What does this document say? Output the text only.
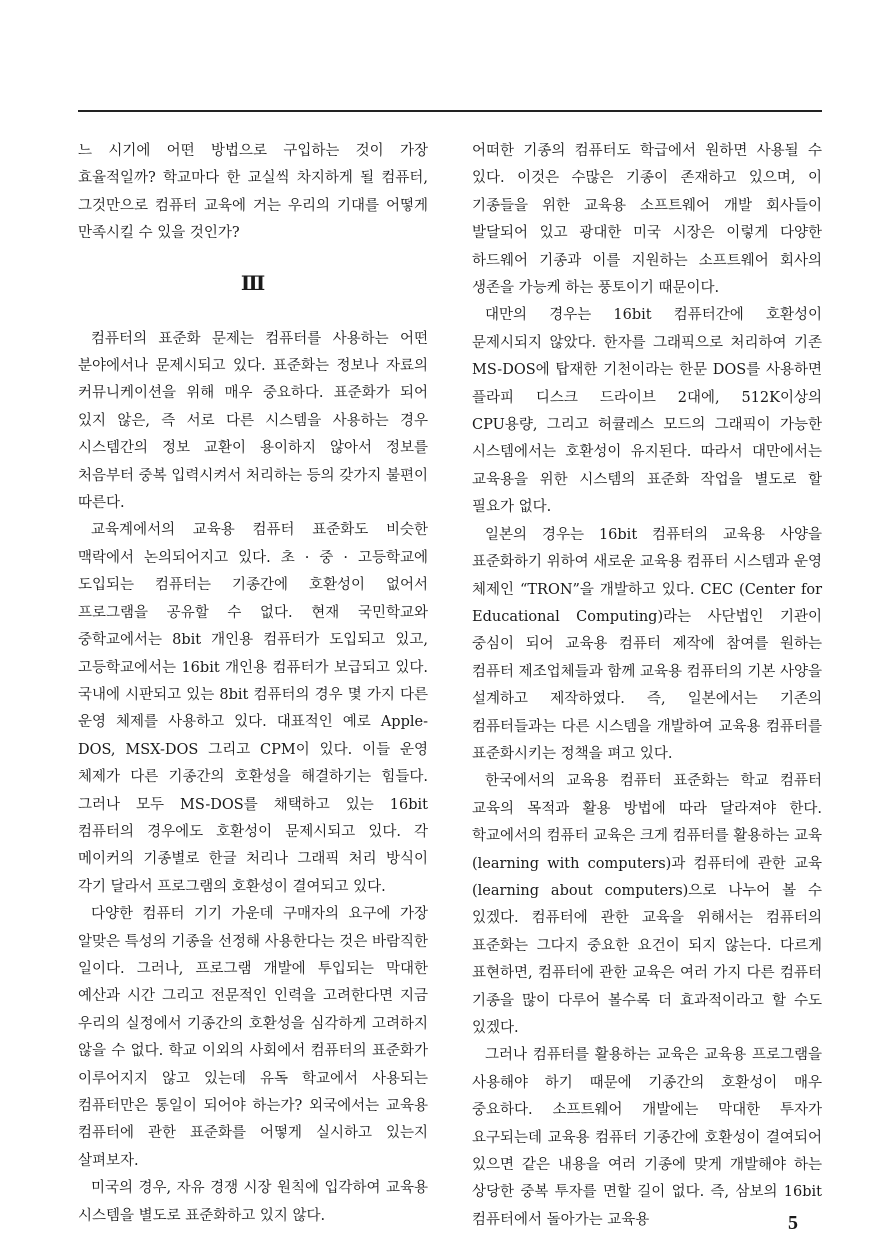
느 시기에 어떤 방법으로 구입하는 것이 가장 효율적일까? 학교마다 한 교실씩 차지하게 될 컴퓨터, 그것만으로 컴퓨터 교육에 거는 우리의 기대를 어떻게 만족시킬 수 있을 것인가?

Ⅲ

컴퓨터의 표준화 문제는 컴퓨터를 사용하는 어떤 분야에서나 문제시되고 있다. 표준화는 정보나 자료의 커뮤니케이션을 위해 매우 중요하다. 표준화가 되어 있지 않은, 즉 서로 다른 시스템을 사용하는 경우 시스템간의 정보 교환이 용이하지 않아서 정보를 처음부터 중복 입력시켜서 처리하는 등의 갖가지 불편이 따른다.

교육계에서의 교육용 컴퓨터 표준화도 비슷한 맥락에서 논의되어지고 있다. 초 · 중 · 고등학교에 도입되는 컴퓨터는 기종간에 호환성이 없어서 프로그램을 공유할 수 없다. 현재 국민학교와 중학교에서는 8bit 개인용 컴퓨터가 도입되고 있고, 고등학교에서는 16bit 개인용 컴퓨터가 보급되고 있다. 국내에 시판되고 있는 8bit 컴퓨터의 경우 몇 가지 다른 운영 체제를 사용하고 있다. 대표적인 예로 Apple-DOS, MSX-DOS 그리고 CPM이 있다. 이들 운영 체제가 다른 기종간의 호환성을 해결하기는 힘들다. 그러나 모두 MS-DOS를 채택하고 있는 16bit 컴퓨터의 경우에도 호환성이 문제시되고 있다. 각 메이커의 기종별로 한글 처리나 그래픽 처리 방식이 각기 달라서 프로그램의 호환성이 결여되고 있다.

다양한 컴퓨터 기기 가운데 구매자의 요구에 가장 알맞은 특성의 기종을 선정해 사용한다는 것은 바람직한 일이다. 그러나, 프로그램 개발에 투입되는 막대한 예산과 시간 그리고 전문적인 인력을 고려한다면 지금 우리의 실정에서 기종간의 호환성을 심각하게 고려하지 않을 수 없다. 학교 이외의 사회에서 컴퓨터의 표준화가 이루어지지 않고 있는데 유독 학교에서 사용되는 컴퓨터만은 통일이 되어야 하는가? 외국에서는 교육용 컴퓨터에 관한 표준화를 어떻게 실시하고 있는지 살펴보자.

미국의 경우, 자유 경쟁 시장 원칙에 입각하여 교육용 시스템을 별도로 표준화하고 있지 않다.

어떠한 기종의 컴퓨터도 학급에서 원하면 사용될 수 있다. 이것은 수많은 기종이 존재하고 있으며, 이 기종들을 위한 교육용 소프트웨어 개발 회사들이 발달되어 있고 광대한 미국 시장은 이렇게 다양한 하드웨어 기종과 이를 지원하는 소프트웨어 회사의 생존을 가능케 하는 풍토이기 때문이다.

대만의 경우는 16bit 컴퓨터간에 호환성이 문제시되지 않았다. 한자를 그래픽으로 처리하여 기존 MS-DOS에 탑재한 기천이라는 한문 DOS를 사용하면 플라피 디스크 드라이브 2대에, 512K이상의 CPU용량, 그리고 허큘레스 모드의 그래픽이 가능한 시스템에서는 호환성이 유지된다. 따라서 대만에서는 교육용을 위한 시스템의 표준화 작업을 별도로 할 필요가 없다.

일본의 경우는 16bit 컴퓨터의 교육용 사양을 표준화하기 위하여 새로운 교육용 컴퓨터 시스템과 운영 체제인 “TRON”을 개발하고 있다. CEC (Center for Educational Computing)라는 사단법인 기관이 중심이 되어 교육용 컴퓨터 제작에 참여를 원하는 컴퓨터 제조업체들과 함께 교육용 컴퓨터의 기본 사양을 설계하고 제작하였다. 즉, 일본에서는 기존의 컴퓨터들과는 다른 시스템을 개발하여 교육용 컴퓨터를 표준화시키는 정책을 펴고 있다.

한국에서의 교육용 컴퓨터 표준화는 학교 컴퓨터 교육의 목적과 활용 방법에 따라 달라져야 한다. 학교에서의 컴퓨터 교육은 크게 컴퓨터를 활용하는 교육(learning with computers)과 컴퓨터에 관한 교육(learning about computers)으로 나누어 볼 수 있겠다. 컴퓨터에 관한 교육을 위해서는 컴퓨터의 표준화는 그다지 중요한 요건이 되지 않는다. 다르게 표현하면, 컴퓨터에 관한 교육은 여러 가지 다른 컴퓨터 기종을 많이 다루어 볼수록 더 효과적이라고 할 수도 있겠다.

그러나 컴퓨터를 활용하는 교육은 교육용 프로그램을 사용해야 하기 때문에 기종간의 호환성이 매우 중요하다. 소프트웨어 개발에는 막대한 투자가 요구되는데 교육용 컴퓨터 기종간에 호환성이 결여되어 있으면 같은 내용을 여러 기종에 맞게 개발해야 하는 상당한 중복 투자를 면할 길이 없다. 즉, 삼보의 16bit 컴퓨터에서 돌아가는 교육용	5
